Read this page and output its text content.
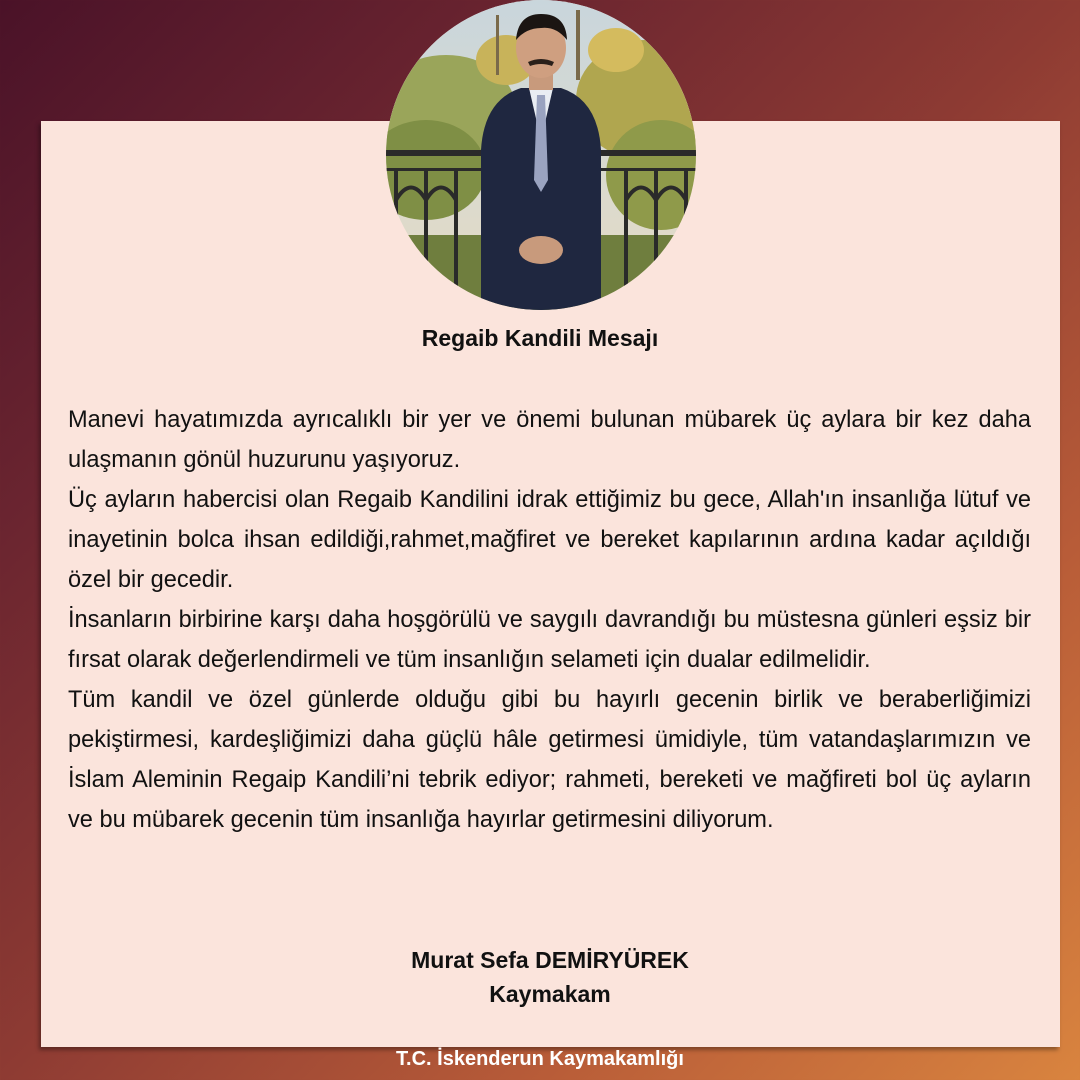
Regaib Kandili Mesajı

Manevi hayatımızda ayrıcalıklı bir yer ve önemi bulunan mübarek üç aylara bir kez daha ulaşmanın gönül huzurunu yaşıyoruz.

Üç ayların habercisi olan Regaib Kandilini idrak ettiğimiz bu gece, Allah'ın insanlığa lütuf ve inayetinin bolca ihsan edildiği,rahmet,mağfiret ve bereket kapılarının ardına kadar açıldığı özel bir gecedir.

İnsanların birbirine karşı daha hoşgörülü ve saygılı davrandığı bu müstesna günleri eşsiz bir fırsat olarak değerlendirmeli ve tüm insanlığın selameti için dualar edilmelidir.

Tüm kandil ve özel günlerde olduğu gibi bu hayırlı gecenin birlik ve beraberliğimizi pekiştirmesi, kardeşliğimizi daha güçlü hâle getirmesi ümidiyle, tüm vatandaşlarımızın ve İslam Aleminin Regaip Kandili’ni tebrik ediyor; rahmeti, bereketi ve mağfireti bol üç ayların ve bu mübarek gecenin tüm insanlığa hayırlar getirmesini diliyorum.

Murat Sefa DEMİRYÜREK
Kaymakam
T.C. İskenderun Kaymakamlığı
